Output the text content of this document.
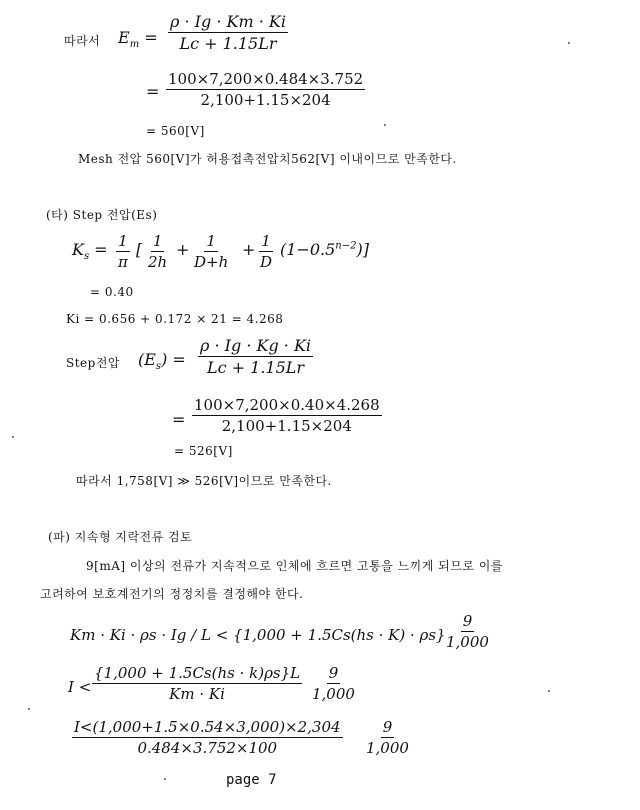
따라서 $E_m = \frac{\rho \cdot Ig \cdot Km \cdot Ki}{Lc + 1.15Lr}$
= $\frac{100\times 7,200\times 0.484\times 3.752}{2,100+1.15\times 204}$
= 560[V]
Mesh 전압 560[V]가 허용접촉전압치562[V] 이내이므로 만족한다.
(타) Step 전압(Es)
$K_s = \frac{1}{\pi}$ [ $\frac{1}{2h} + \frac{1}{D+h} + \frac{1}{D} (1-0.5^{n-2})$]
= 0.40
Ki = 0.656 + 0.172 × 21 = 4.268
Step전압 $(E_s) = \frac{\rho \cdot Ig \cdot Kg \cdot Ki}{Lc + 1.15Lr}$
= $\frac{100\times 7,200\times 0.40\times 4.268}{2,100+1.15\times 204}$
= 526[V]
따라서 1,758[V] ≫ 526[V]이므로 만족한다.
(파) 지속형 지락전류 검토
9[mA] 이상의 전류가 지속적으로 인체에 흐르면 고통을 느끼게 되므로 이를
고려하여 보호계전기의 정정치를 결정해야 한다.
Km · Ki · ρs · Ig / L < {1,000 + 1.5Cs(hs · K) · ρs}
$\frac{9}{1,000}$
$I < \frac{\{1,000 + 1.5Cs(hs \cdot k)\rho s\}L}{Km \cdot Ki} \frac{9}{1,000}$
$\frac{I<(1,000+1.5\times 0.54\times 3,000)\times 2,304}{0.484\times 3.752\times 100} \frac{9}{1,000}$
page 7
